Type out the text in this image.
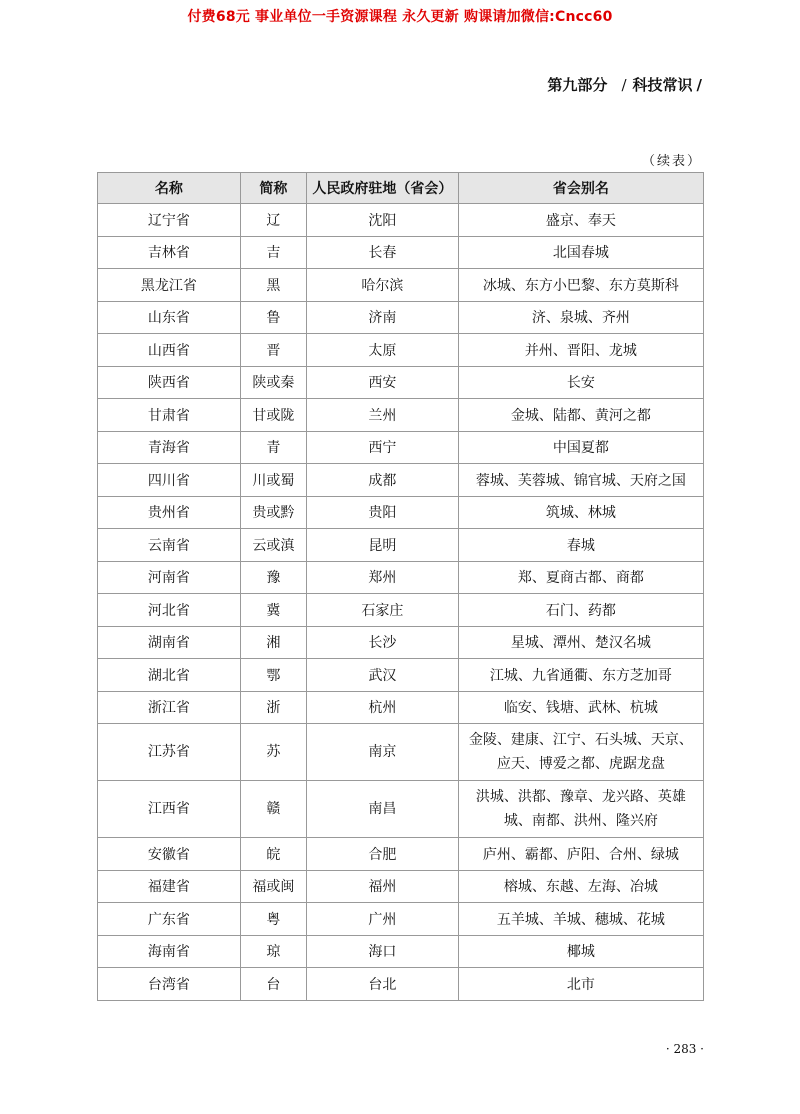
付费68元 事业单位一手资源课程 永久更新 购课请加微信:Cncc60
第九部分 / 科技常识 /
（续表）
名称	简称	人民政府驻地（省会）	省会别名
辽宁省	辽	沈阳	盛京、奉天
吉林省	吉	长春	北国春城
黑龙江省	黑	哈尔滨	冰城、东方小巴黎、东方莫斯科
山东省	鲁	济南	济、泉城、齐州
山西省	晋	太原	并州、晋阳、龙城
陕西省	陕或秦	西安	长安
甘肃省	甘或陇	兰州	金城、陆都、黄河之都
青海省	青	西宁	中国夏都
四川省	川或蜀	成都	蓉城、芙蓉城、锦官城、天府之国
贵州省	贵或黔	贵阳	筑城、林城
云南省	云或滇	昆明	春城
河南省	豫	郑州	郑、夏商古都、商都
河北省	冀	石家庄	石门、药都
湖南省	湘	长沙	星城、潭州、楚汉名城
湖北省	鄂	武汉	江城、九省通衢、东方芝加哥
浙江省	浙	杭州	临安、钱塘、武林、杭城
江苏省	苏	南京	金陵、建康、江宁、石头城、天京、应天、博爱之都、虎踞龙盘
江西省	赣	南昌	洪城、洪都、豫章、龙兴路、英雄城、南都、洪州、隆兴府
安徽省	皖	合肥	庐州、霸都、庐阳、合州、绿城
福建省	福或闽	福州	榕城、东越、左海、冶城
广东省	粤	广州	五羊城、羊城、穗城、花城
海南省	琼	海口	椰城
台湾省	台	台北	北市
· 283 ·
